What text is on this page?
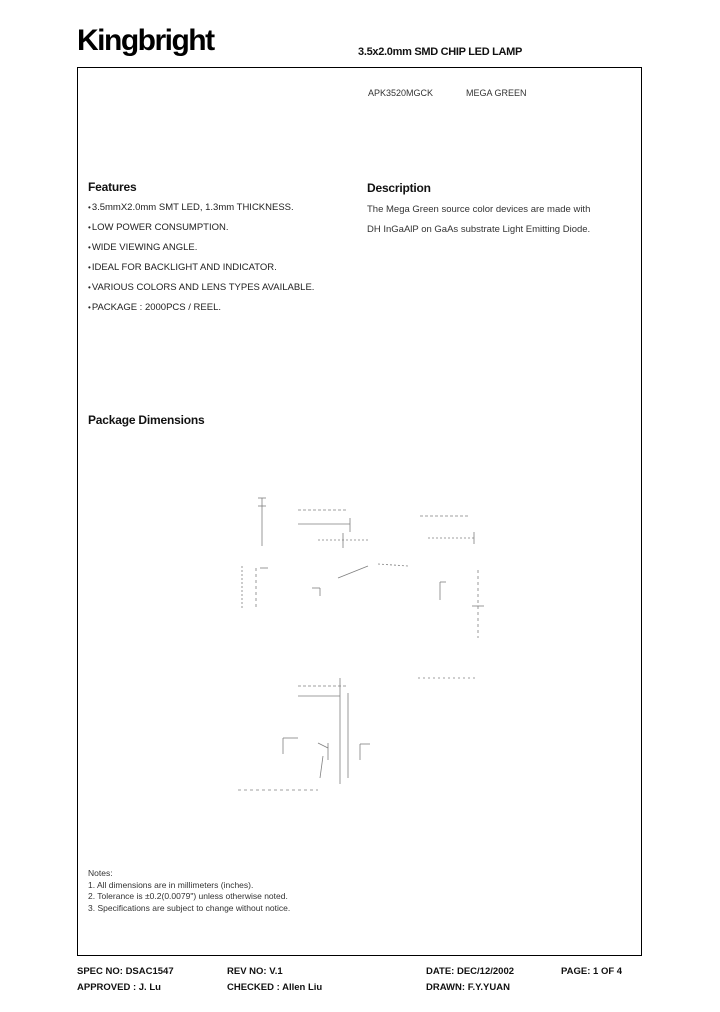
Kingbright	3.5x2.0mm SMD CHIP LED LAMP
APK3520MGCK	MEGA GREEN
Features
• 3.5mmX2.0mm SMT LED, 1.3mm THICKNESS.
• LOW POWER CONSUMPTION.
• WIDE VIEWING ANGLE.
• IDEAL FOR BACKLIGHT AND INDICATOR.
• VARIOUS COLORS AND LENS TYPES AVAILABLE.
• PACKAGE : 2000PCS / REEL.
Description
The Mega Green source color devices are made with
DH InGaAlP on GaAs substrate Light Emitting Diode.
Package Dimensions
Notes:
1. All dimensions are in millimeters (inches).
2. Tolerance is ±0.2(0.0079") unless otherwise noted.
3. Specifications are subject to change without notice.
SPEC NO: DSAC1547	REV NO: V.1	DATE: DEC/12/2002	PAGE: 1 OF 4
APPROVED : J. Lu	CHECKED : Allen Liu	DRAWN: F.Y.YUAN
